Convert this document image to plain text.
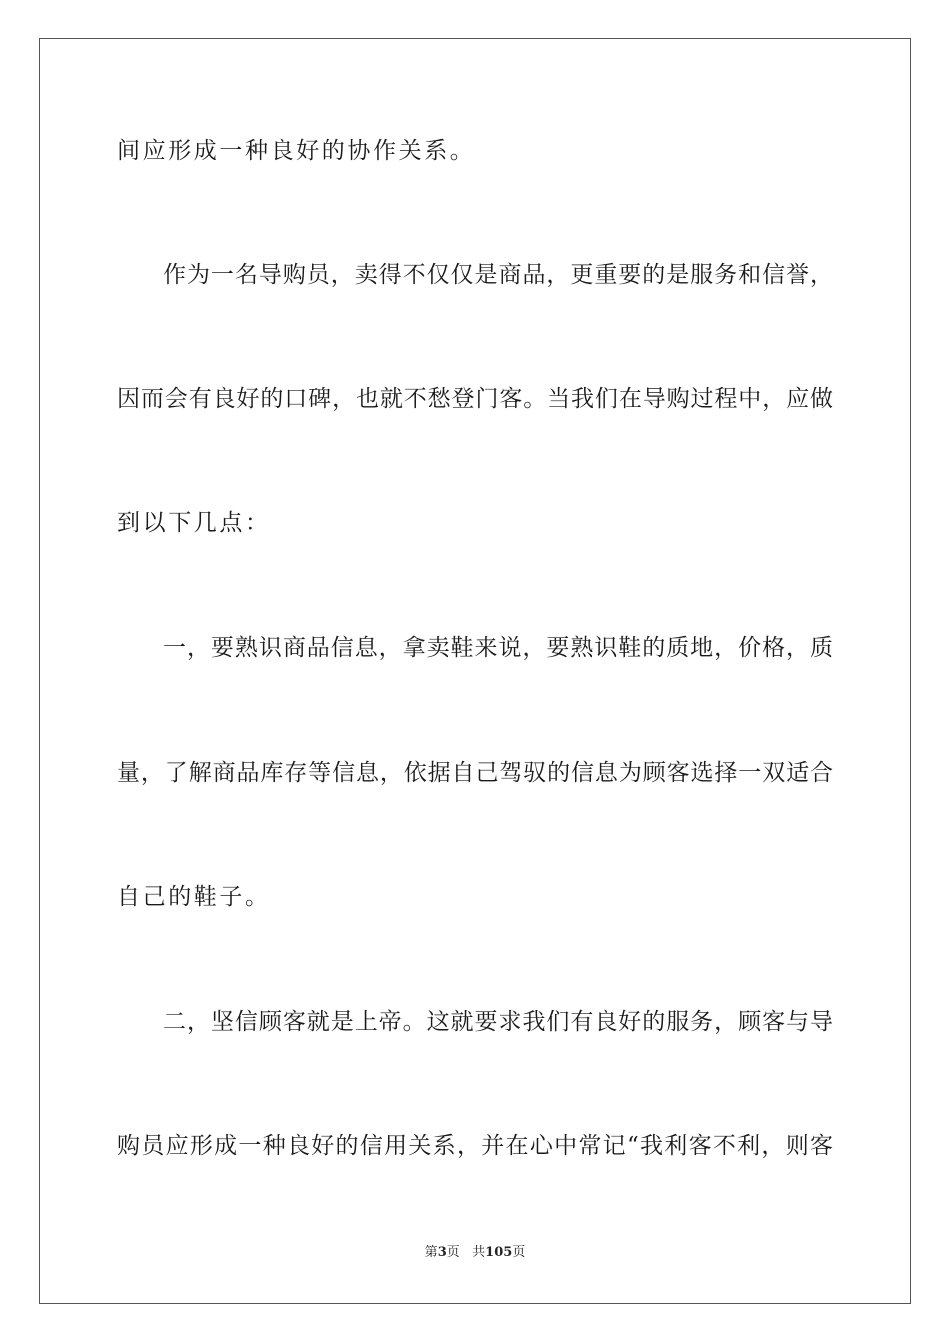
间应形成一种良好的协作关系。
作为一名导购员，卖得不仅仅是商品，更重要的是服务和信誉，
因而会有良好的口碑，也就不愁登门客。当我们在导购过程中，应做
到以下几点：
一，要熟识商品信息，拿卖鞋来说，要熟识鞋的质地，价格，质
量，了解商品库存等信息，依据自己驾驭的信息为顾客选择一双适合
自己的鞋子。
二，坚信顾客就是上帝。这就要求我们有良好的服务，顾客与导
购员应形成一种良好的信用关系，并在心中常记“我利客不利，则客
第3页 共105页
